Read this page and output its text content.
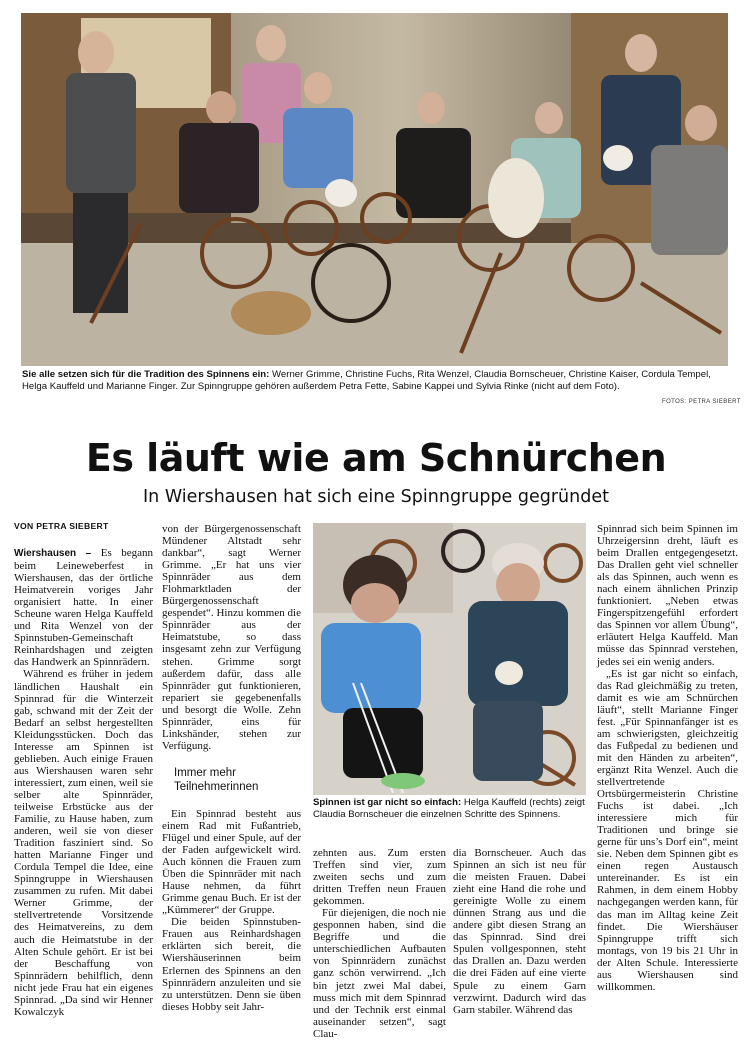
Sie alle setzen sich für die Tradition des Spinnens ein: Werner Grimme, Christine Fuchs, Rita Wenzel, Claudia Bornscheuer, Christine Kaiser, Cordula Tempel, Helga Kauffeld und Marianne Finger. Zur Spinngruppe gehören außerdem Petra Fette, Sabine Kappei und Sylvia Rinke (nicht auf dem Foto).
FOTOS: PETRA SIEBERT
Es läuft wie am Schnürchen
In Wiershausen hat sich eine Spinngruppe gegründet
VON PETRA SIEBERT

Wiershausen – Es begann beim Leineweberfest in Wiershausen, das der örtliche Heimatverein voriges Jahr organisiert hatte. In einer Scheune waren Helga Kauffeld und Rita Wenzel von der Spinnstuben-Gemeinschaft Reinhardshagen und zeigten das Handwerk an Spinnrädern.

Während es früher in jedem ländlichen Haushalt ein Spinnrad für die Winterzeit gab, schwand mit der Zeit der Bedarf an selbst hergestellten Kleidungsstücken. Doch das Interesse am Spinnen ist geblieben. Auch einige Frauen aus Wiershausen waren sehr interessiert, zum einen, weil sie selber alte Spinnräder, teilweise Erbstücke aus der Familie, zu Hause haben, zum anderen, weil sie von dieser Tradition fasziniert sind. So hatten Marianne Finger und Cordula Tempel die Idee, eine Spinngruppe in Wiershausen zusammen zu rufen. Mit dabei Werner Grimme, der stellvertretende Vorsitzende des Heimatvereins, zu dem auch die Heimatstube in der Alten Schule gehört. Er ist bei der Beschaffung von Spinnrädern behilflich, denn nicht jede Frau hat ein eigenes Spinnrad. „Da sind wir Henner Kowalczyk

von der Bürgergenossenschaft Mündener Altstadt sehr dankbar“, sagt Werner Grimme. „Er hat uns vier Spinnräder aus dem Flohmarktladen der Bürgergenossenschaft gespendet“. Hinzu kommen die Spinnräder aus der Heimatstube, so dass insgesamt zehn zur Verfügung stehen. Grimme sorgt außerdem dafür, dass alle Spinnräder gut funktionieren, repariert sie gegebenenfalls und besorgt die Wolle. Zehn Spinnräder, eins für Linkshänder, stehen zur Verfügung.

Immer mehr
Teilnehmerinnen

Ein Spinnrad besteht aus einem Rad mit Fußantrieb, Flügel und einer Spule, auf der der Faden aufgewickelt wird. Auch können die Frauen zum Üben die Spinnräder mit nach Hause nehmen, da führt Grimme genau Buch. Er ist der „Kümmerer“ der Gruppe.

Die beiden Spinnstuben-Frauen aus Reinhardshagen erklärten sich bereit, die Wiershäuserinnen beim Erlernen des Spinnens an den Spinnrädern anzuleiten und sie zu unterstützen. Denn sie üben dieses Hobby seit Jahr-

Spinnen ist gar nicht so einfach: Helga Kauffeld (rechts) zeigt Claudia Bornscheuer die einzelnen Schritte des Spinnens.

zehnten aus. Zum ersten Treffen sind vier, zum zweiten sechs und zum dritten Treffen neun Frauen gekommen.

Für diejenigen, die noch nie gesponnen haben, sind die Begriffe und die unterschiedlichen Aufbauten von Spinnrädern zunächst ganz schön verwirrend. „Ich bin jetzt zwei Mal dabei, muss mich mit dem Spinnrad und der Technik erst einmal auseinander setzen“, sagt Clau-

dia Bornscheuer. Auch das Spinnen an sich ist neu für die meisten Frauen. Dabei zieht eine Hand die rohe und gereinigte Wolle zu einem dünnen Strang aus und die andere gibt diesen Strang an das Spinnrad. Sind drei Spulen vollgesponnen, steht das Drallen an. Dazu werden die drei Fäden auf eine vierte Spule zu einem Garn verzwirnt. Dadurch wird das Garn stabiler. Während das

Spinnrad sich beim Spinnen im Uhrzeigersinn dreht, läuft es beim Drallen entgegengesetzt. Das Drallen geht viel schneller als das Spinnen, auch wenn es nach einem ähnlichen Prinzip funktioniert. „Neben etwas Fingerspitzengefühl erfordert das Spinnen vor allem Übung“, erläutert Helga Kauffeld. Man müsse das Spinnrad verstehen, jedes sei ein wenig anders.

„Es ist gar nicht so einfach, das Rad gleichmäßig zu treten, damit es wie am Schnürchen läuft“, stellt Marianne Finger fest. „Für Spinnanfänger ist es am schwierigsten, gleichzeitig das Fußpedal zu bedienen und mit den Händen zu arbeiten“, ergänzt Rita Wenzel. Auch die stellvertretende Ortsbürgermeisterin Christine Fuchs ist dabei. „Ich interessiere mich für Traditionen und bringe sie gerne für uns’s Dorf ein“, meint sie. Neben dem Spinnen gibt es einen regen Austausch untereinander. Es ist ein Rahmen, in dem einem Hobby nachgegangen werden kann, für das man im Alltag keine Zeit findet. Die Wiershäuser Spinngruppe trifft sich montags, von 19 bis 21 Uhr in der Alten Schule. Interessierte aus Wiershausen sind willkommen.
